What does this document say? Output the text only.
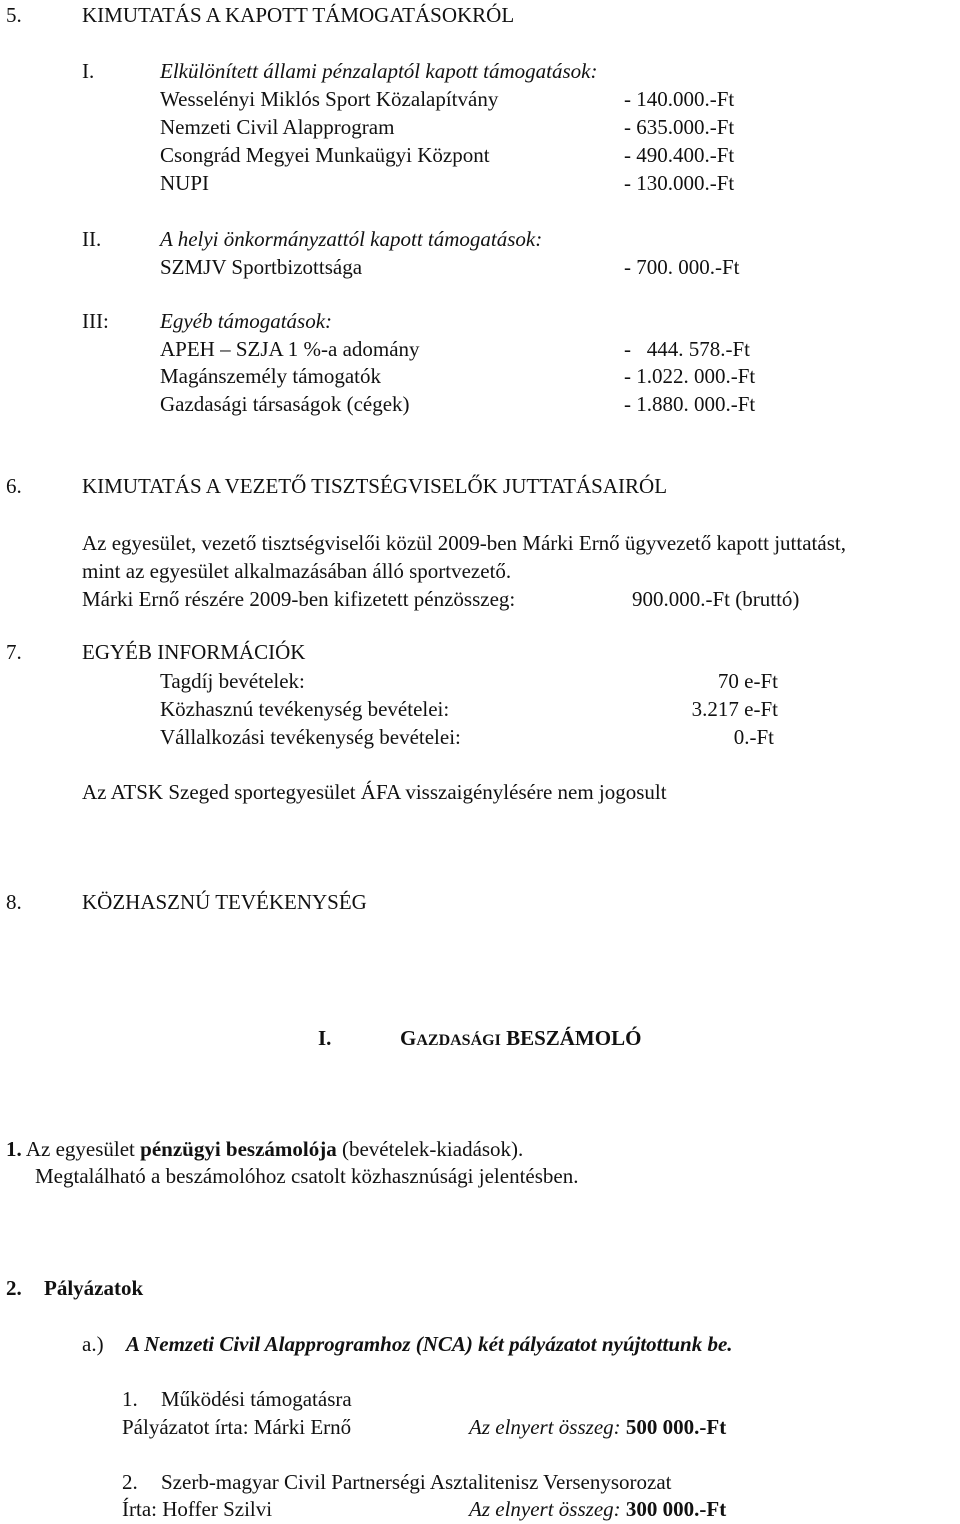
5.	KIMUTATÁS A KAPOTT TÁMOGATÁSOKRÓL
I.	Elkülönített állami pénzalaptól kapott támogatások:
Wesselényi Miklós Sport Közalapítvány	- 140.000.-Ft
Nemzeti Civil Alapprogram	- 635.000.-Ft
Csongrád Megyei Munkaügyi Központ	- 490.400.-Ft
NUPI	- 130.000.-Ft
II.	A helyi önkormányzattól kapott támogatások:
SZMJV Sportbizottsága	- 700. 000.-Ft
III: Egyéb támogatások:
APEH – SZJA 1 %-a adomány	-   444. 578.-Ft
Magánszemély támogatók	- 1.022. 000.-Ft
Gazdasági társaságok (cégek)	- 1.880. 000.-Ft
6.	KIMUTATÁS A VEZETŐ TISZTSÉGVISELŐK JUTTATÁSAIRÓL
Az egyesület, vezető tisztségviselői közül 2009-ben Márki Ernő ügyvezető kapott juttatást,
mint az egyesület alkalmazásában álló sportvezető.
Márki Ernő részére 2009-ben kifizetett pénzösszeg:	900.000.-Ft (bruttó)
7.	EGYÉB INFORMÁCIÓK
Tagdíj bevételek:	70 e-Ft
Közhasznú tevékenység bevételei:	3.217 e-Ft
Vállalkozási tevékenység bevételei:	0.-Ft
Az ATSK Szeged sportegyesület ÁFA visszaigénylésére nem jogosult
8.	KÖZHASZNÚ TEVÉKENYSÉG
I.	GAZDASÁGI BESZÁMOLÓ
1. Az egyesület pénzügyi beszámolója (bevételek-kiadások).
Megtalálható a beszámolóhoz csatolt közhasznúsági jelentésben.
2. Pályázatok
a.) A Nemzeti Civil Alapprogramhoz (NCA) két pályázatot nyújtottunk be.
1. Működési támogatásra
Pályázatot írta: Márki Ernő	Az elnyert összeg: 500 000.-Ft
2. Szerb-magyar Civil Partnerségi Asztalitenisz Versenysorozat
Írta: Hoffer Szilvi	Az elnyert összeg: 300 000.-Ft
